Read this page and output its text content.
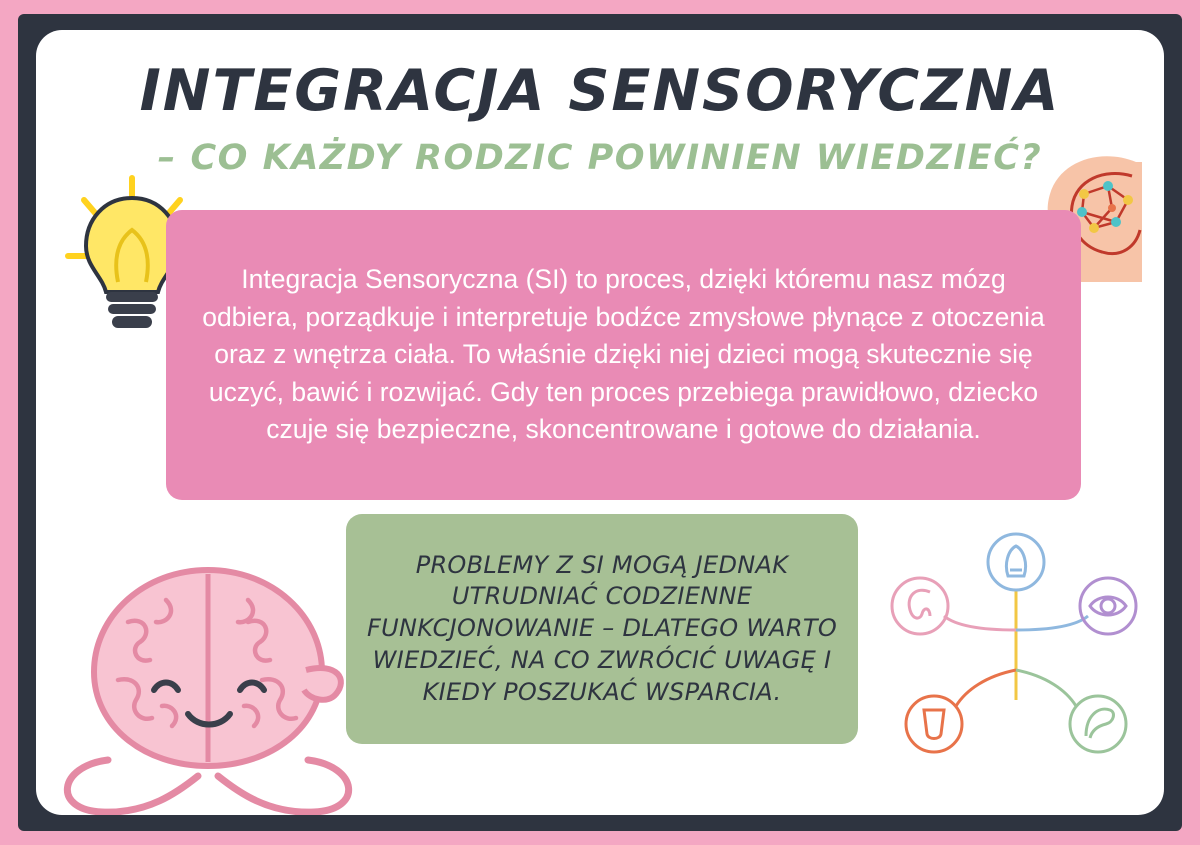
INTEGRACJA SENSORYCZNA
– CO KAŻDY RODZIC POWINIEN WIEDZIEĆ?

Integracja Sensoryczna (SI) to proces, dzięki któremu nasz mózg odbiera, porządkuje i interpretuje bodźce zmysłowe płynące z otoczenia oraz z wnętrza ciała. To właśnie dzięki niej dzieci mogą skutecznie się uczyć, bawić i rozwijać. Gdy ten proces przebiega prawidłowo, dziecko czuje się bezpieczne, skoncentrowane i gotowe do działania.

PROBLEMY Z SI MOGĄ JEDNAK UTRUDNIAĆ CODZIENNE FUNKCJONOWANIE – DLATEGO WARTO WIEDZIEĆ, NA CO ZWRÓCIĆ UWAGĘ I KIEDY POSZUKAĆ WSPARCIA.
